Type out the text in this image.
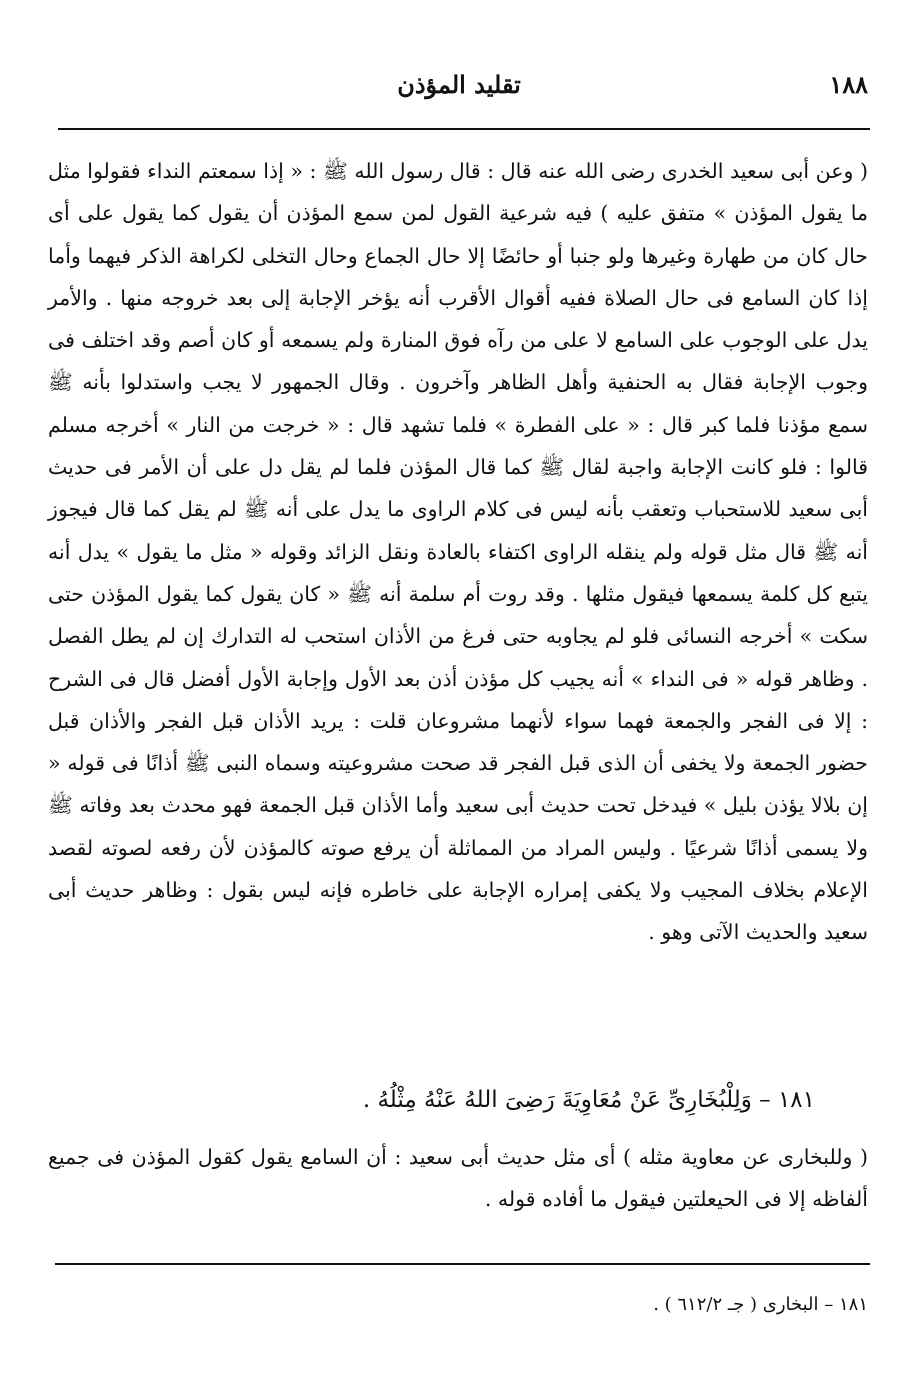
١٨٨
تقليد المؤذن

( وعن أبى سعيد الخدرى رضى الله عنه قال : قال رسول الله ﷺ : « إذا سمعتم النداء فقولوا مثل ما يقول المؤذن » متفق عليه ) فيه شرعية القول لمن سمع المؤذن أن يقول كما يقول على أى حال كان من طهارة وغيرها ولو جنبا أو حائضًا إلا حال الجماع وحال التخلى لكراهة الذكر فيهما وأما إذا كان السامع فى حال الصلاة ففيه أقوال الأقرب أنه يؤخر الإجابة إلى بعد خروجه منها . والأمر يدل على الوجوب على السامع لا على من رآه فوق المنارة ولم يسمعه أو كان أصم وقد اختلف فى وجوب الإجابة فقال به الحنفية وأهل الظاهر وآخرون . وقال الجمهور لا يجب واستدلوا بأنه ﷺ سمع مؤذنا فلما كبر قال : « على الفطرة » فلما تشهد قال : « خرجت من النار » أخرجه مسلم قالوا : فلو كانت الإجابة واجبة لقال ﷺ كما قال المؤذن فلما لم يقل دل على أن الأمر فى حديث أبى سعيد للاستحباب وتعقب بأنه ليس فى كلام الراوى ما يدل على أنه ﷺ لم يقل كما قال فيجوز أنه ﷺ قال مثل قوله ولم ينقله الراوى اكتفاء بالعادة ونقل الزائد وقوله « مثل ما يقول » يدل أنه يتبع كل كلمة يسمعها فيقول مثلها . وقد روت أم سلمة أنه ﷺ « كان يقول كما يقول المؤذن حتى سكت » أخرجه النسائى فلو لم يجاوبه حتى فرغ من الأذان استحب له التدارك إن لم يطل الفصل . وظاهر قوله « فى النداء » أنه يجيب كل مؤذن أذن بعد الأول وإجابة الأول أفضل قال فى الشرح : إلا فى الفجر والجمعة فهما سواء لأنهما مشروعان قلت : يريد الأذان قبل الفجر والأذان قبل حضور الجمعة ولا يخفى أن الذى قبل الفجر قد صحت مشروعيته وسماه النبى ﷺ أذانًا فى قوله « إن بلالا يؤذن بليل » فيدخل تحت حديث أبى سعيد وأما الأذان قبل الجمعة فهو محدث بعد وفاته ﷺ ولا يسمى أذانًا شرعيًا . وليس المراد من المماثلة أن يرفع صوته كالمؤذن لأن رفعه لصوته لقصد الإعلام بخلاف المجيب ولا يكفى إمراره الإجابة على خاطره فإنه ليس بقول : وظاهر حديث أبى سعيد والحديث الآتى وهو .

١٨١ – وَلِلْبُخَارِىِّ عَنْ مُعَاوِيَةَ رَضِىَ اللهُ عَنْهُ مِثْلُهُ .

( وللبخارى عن معاوية مثله ) أى مثل حديث أبى سعيد : أن السامع يقول كقول المؤذن فى جميع ألفاظه إلا فى الحيعلتين فيقول ما أفاده قوله .

١٨١ – البخارى ( جـ ٦١٢/٢ ) .
